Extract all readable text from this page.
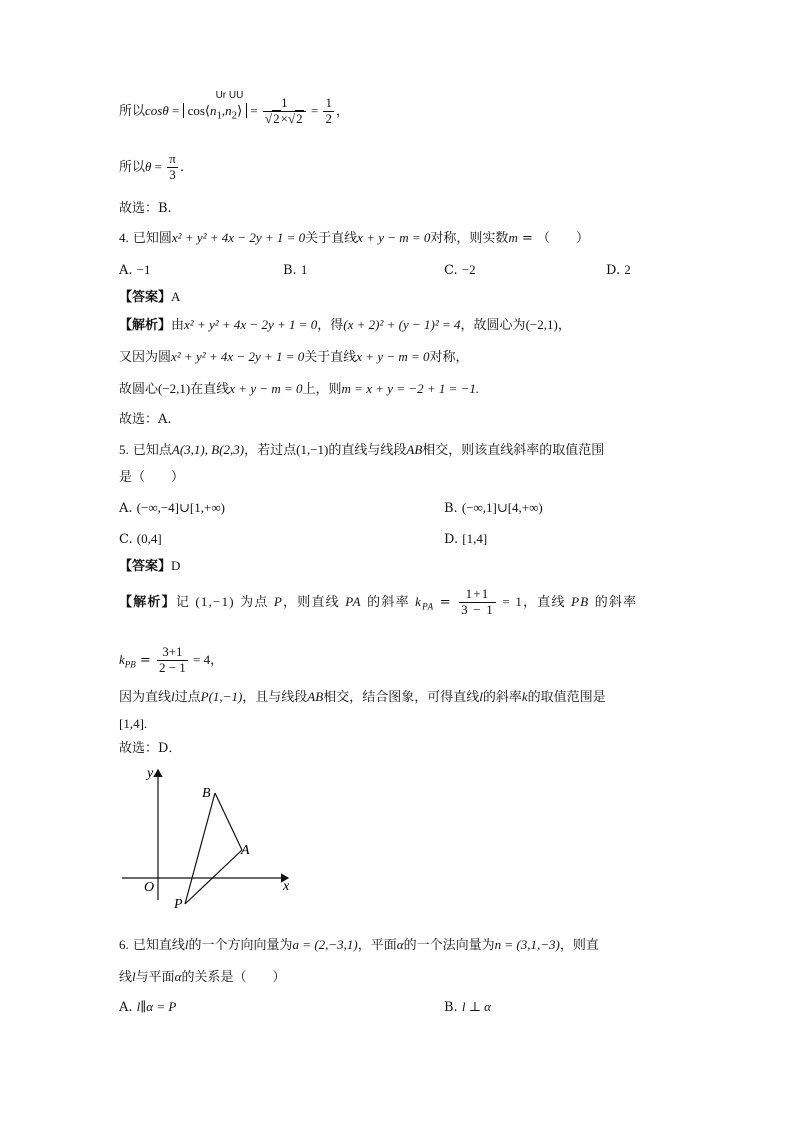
所以$\cos\theta = \cos⟨n_1,n_2⟩$
Ur UU
= 1
√
2×√
$2 = \frac{1}{2}$ ，
所以$\theta = \frac{\pi}{3}$ .
故选：B.
4. 已知圆x² + y² + 4x − 2y + 1 = 0关于直线x + y − m = 0对称，则实数m = （　　）
A. −1	B. 1	C. −2	D. 2
【答案】A
【解析】由x² + y² + 4x − 2y + 1 = 0，得(x + 2)² + (y − 1)² = 4，故圆心为(−2,1)，
又因为圆x² + y² + 4x − 2y + 1 = 0关于直线x + y − m = 0对称，
故圆心(−2,1)在直线x + y − m = 0上，则m = x + y = −2 + 1 = −1.
故选：A.
5. 已知点A(3,1), B(2,3)，若过点(1,−1)的直线与线段AB相交，则该直线斜率的取值范围
是（　　）
A. (−∞,−4]∪[1,+∞)	B. (−∞,1]∪[4,+∞)
C. (0,4]	D. [1,4]
【答案】D
【解析】记 (1,−1) 为点 P，则直线 PA 的斜率 $k_{PA} = \frac{1+1}{3 - 1} = 1$，直线 PB 的斜率
$k_{PB} = \frac{3+1}{2 - 1} = 4$，
因为直线l过点P(1,−1)，且与线段AB相交，结合图象，可得直线l的斜率k的取值范围是
[1,4].
故选：D．
y
x
O
B
A
P
6. 已知直线l的一个方向向量为a = (2,−3,1)，平面α的一个法向量为n = (3,1,−3)，则直
线l与平面α的关系是（　　）
A. l∥α = P	B. l ⊥ α
